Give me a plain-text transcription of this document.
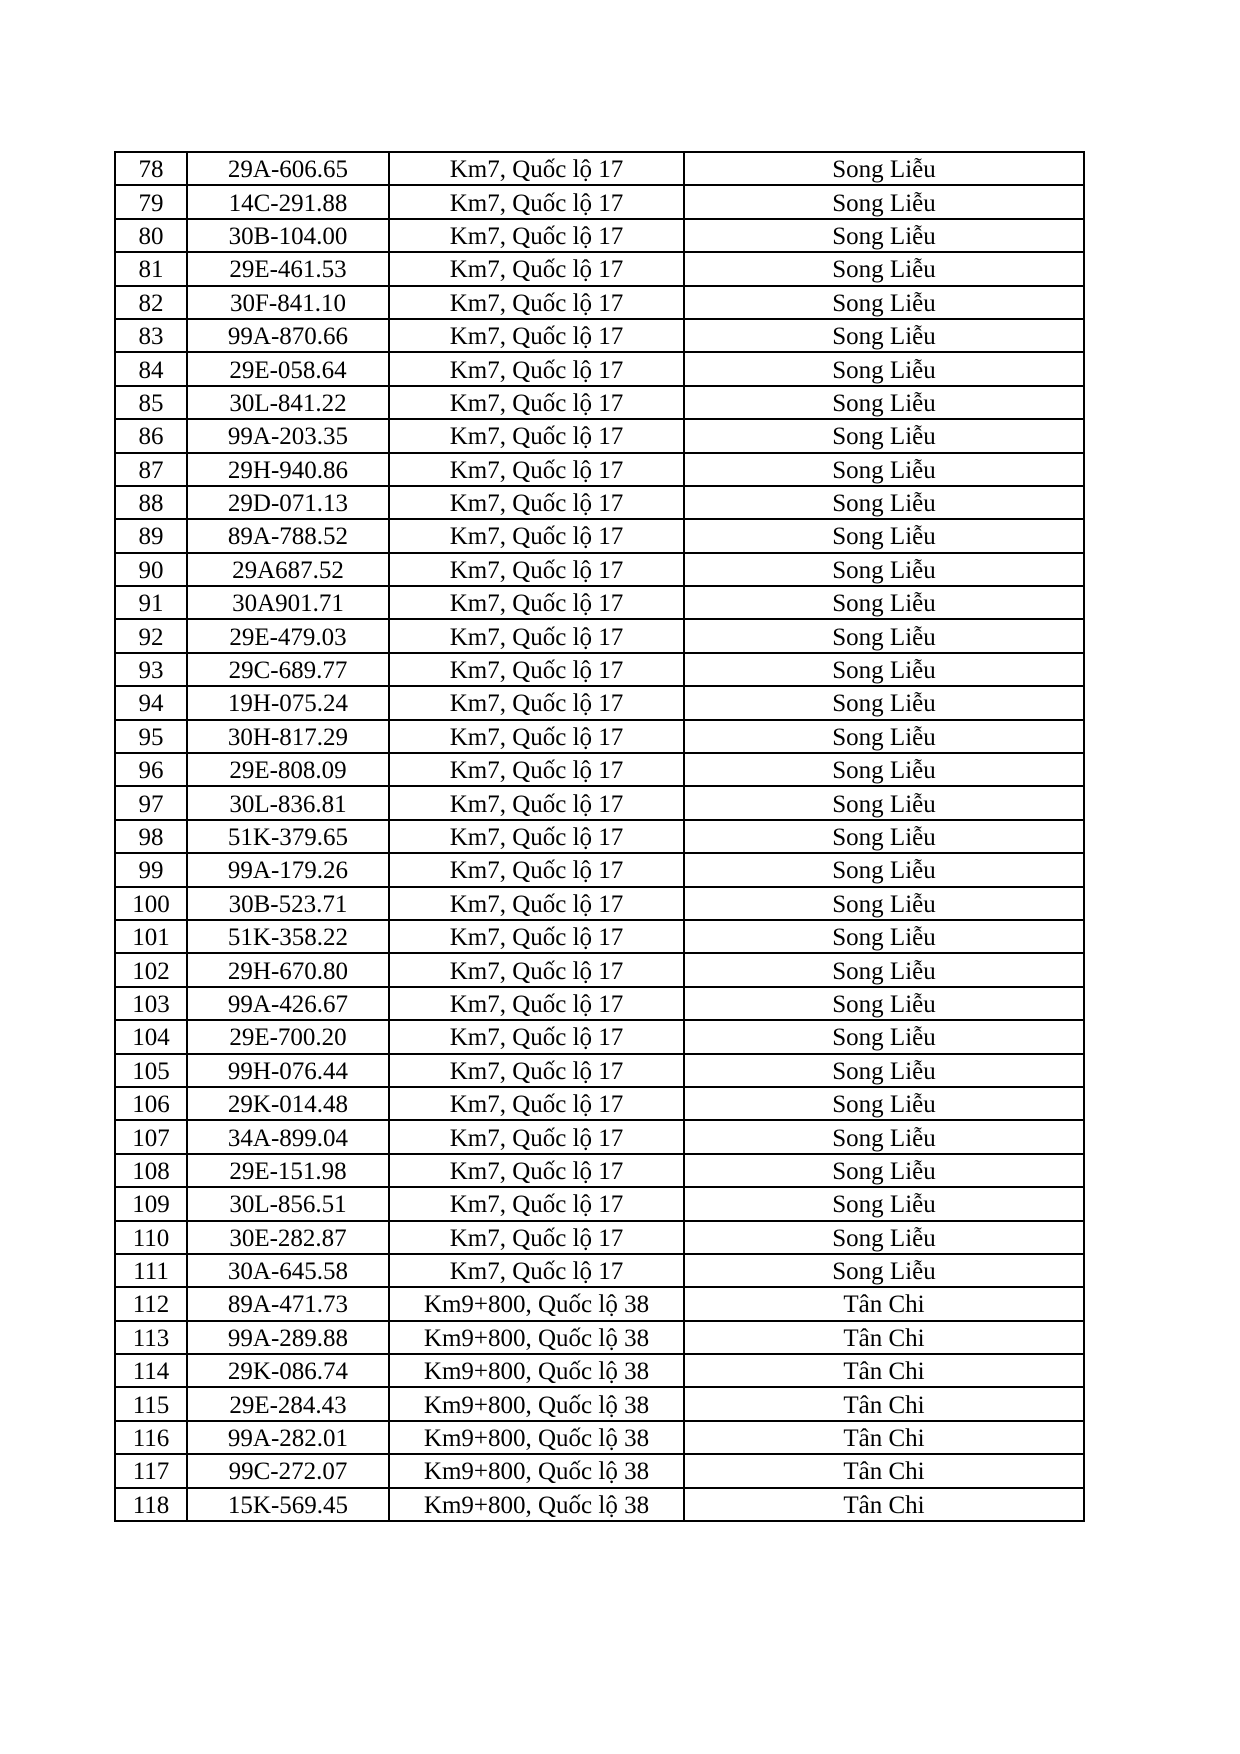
78	29A-606.65	Km7, Quốc lộ 17	Song Liễu
79	14C-291.88	Km7, Quốc lộ 17	Song Liễu
80	30B-104.00	Km7, Quốc lộ 17	Song Liễu
81	29E-461.53	Km7, Quốc lộ 17	Song Liễu
82	30F-841.10	Km7, Quốc lộ 17	Song Liễu
83	99A-870.66	Km7, Quốc lộ 17	Song Liễu
84	29E-058.64	Km7, Quốc lộ 17	Song Liễu
85	30L-841.22	Km7, Quốc lộ 17	Song Liễu
86	99A-203.35	Km7, Quốc lộ 17	Song Liễu
87	29H-940.86	Km7, Quốc lộ 17	Song Liễu
88	29D-071.13	Km7, Quốc lộ 17	Song Liễu
89	89A-788.52	Km7, Quốc lộ 17	Song Liễu
90	29A687.52	Km7, Quốc lộ 17	Song Liễu
91	30A901.71	Km7, Quốc lộ 17	Song Liễu
92	29E-479.03	Km7, Quốc lộ 17	Song Liễu
93	29C-689.77	Km7, Quốc lộ 17	Song Liễu
94	19H-075.24	Km7, Quốc lộ 17	Song Liễu
95	30H-817.29	Km7, Quốc lộ 17	Song Liễu
96	29E-808.09	Km7, Quốc lộ 17	Song Liễu
97	30L-836.81	Km7, Quốc lộ 17	Song Liễu
98	51K-379.65	Km7, Quốc lộ 17	Song Liễu
99	99A-179.26	Km7, Quốc lộ 17	Song Liễu
100	30B-523.71	Km7, Quốc lộ 17	Song Liễu
101	51K-358.22	Km7, Quốc lộ 17	Song Liễu
102	29H-670.80	Km7, Quốc lộ 17	Song Liễu
103	99A-426.67	Km7, Quốc lộ 17	Song Liễu
104	29E-700.20	Km7, Quốc lộ 17	Song Liễu
105	99H-076.44	Km7, Quốc lộ 17	Song Liễu
106	29K-014.48	Km7, Quốc lộ 17	Song Liễu
107	34A-899.04	Km7, Quốc lộ 17	Song Liễu
108	29E-151.98	Km7, Quốc lộ 17	Song Liễu
109	30L-856.51	Km7, Quốc lộ 17	Song Liễu
110	30E-282.87	Km7, Quốc lộ 17	Song Liễu
111	30A-645.58	Km7, Quốc lộ 17	Song Liễu
112	89A-471.73	Km9+800, Quốc lộ 38	Tân Chi
113	99A-289.88	Km9+800, Quốc lộ 38	Tân Chi
114	29K-086.74	Km9+800, Quốc lộ 38	Tân Chi
115	29E-284.43	Km9+800, Quốc lộ 38	Tân Chi
116	99A-282.01	Km9+800, Quốc lộ 38	Tân Chi
117	99C-272.07	Km9+800, Quốc lộ 38	Tân Chi
118	15K-569.45	Km9+800, Quốc lộ 38	Tân Chi
